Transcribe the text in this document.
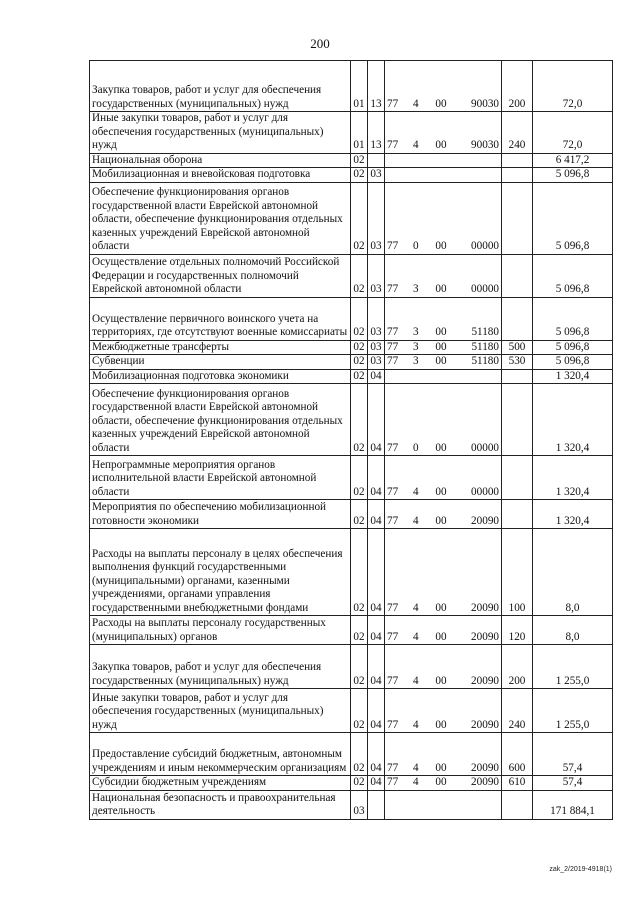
200
Закупка товаров, работ и услуг для обеспечения государственных (муниципальных) нужд	01	13	77 4 00 90030	200	72,0
Иные закупки товаров, работ и услуг для обеспечения государственных (муниципальных) нужд	01	13	77 4 00 90030	240	72,0
Национальная оборона	02				6 417,2
Мобилизационная и вневойсковая подготовка	02	03			5 096,8
Обеспечение функционирования органов государственной власти Еврейской автономной области, обеспечение функционирования отдельных казенных учреждений Еврейской автономной области	02	03	77 0 00 00000		5 096,8
Осуществление отдельных полномочий Российской Федерации и государственных полномочий Еврейской автономной области	02	03	77 3 00 00000		5 096,8
Осуществление первичного воинского учета на территориях, где отсутствуют военные комиссариаты	02	03	77 3 00 51180		5 096,8
Межбюджетные трансферты	02	03	77 3 00 51180	500	5 096,8
Субвенции	02	03	77 3 00 51180	530	5 096,8
Мобилизационная подготовка экономики	02	04			1 320,4
Обеспечение функционирования органов государственной власти Еврейской автономной области, обеспечение функционирования отдельных казенных учреждений Еврейской автономной области	02	04	77 0 00 00000		1 320,4
Непрограммные мероприятия органов исполнительной власти Еврейской автономной области	02	04	77 4 00 00000		1 320,4
Мероприятия по обеспечению мобилизационной готовности экономики	02	04	77 4 00 20090		1 320,4
Расходы на выплаты персоналу в целях обеспечения выполнения функций государственными (муниципальными) органами, казенными учреждениями, органами управления государственными внебюджетными фондами	02	04	77 4 00 20090	100	8,0
Расходы на выплаты персоналу государственных (муниципальных) органов	02	04	77 4 00 20090	120	8,0
Закупка товаров, работ и услуг для обеспечения государственных (муниципальных) нужд	02	04	77 4 00 20090	200	1 255,0
Иные закупки товаров, работ и услуг для обеспечения государственных (муниципальных) нужд	02	04	77 4 00 20090	240	1 255,0
Предоставление субсидий бюджетным, автономным учреждениям и иным некоммерческим организациям	02	04	77 4 00 20090	600	57,4
Субсидии бюджетным учреждениям	02	04	77 4 00 20090	610	57,4
Национальная безопасность и правоохранительная деятельность	03				171 884,1
zak_2/2019-4918(1)
